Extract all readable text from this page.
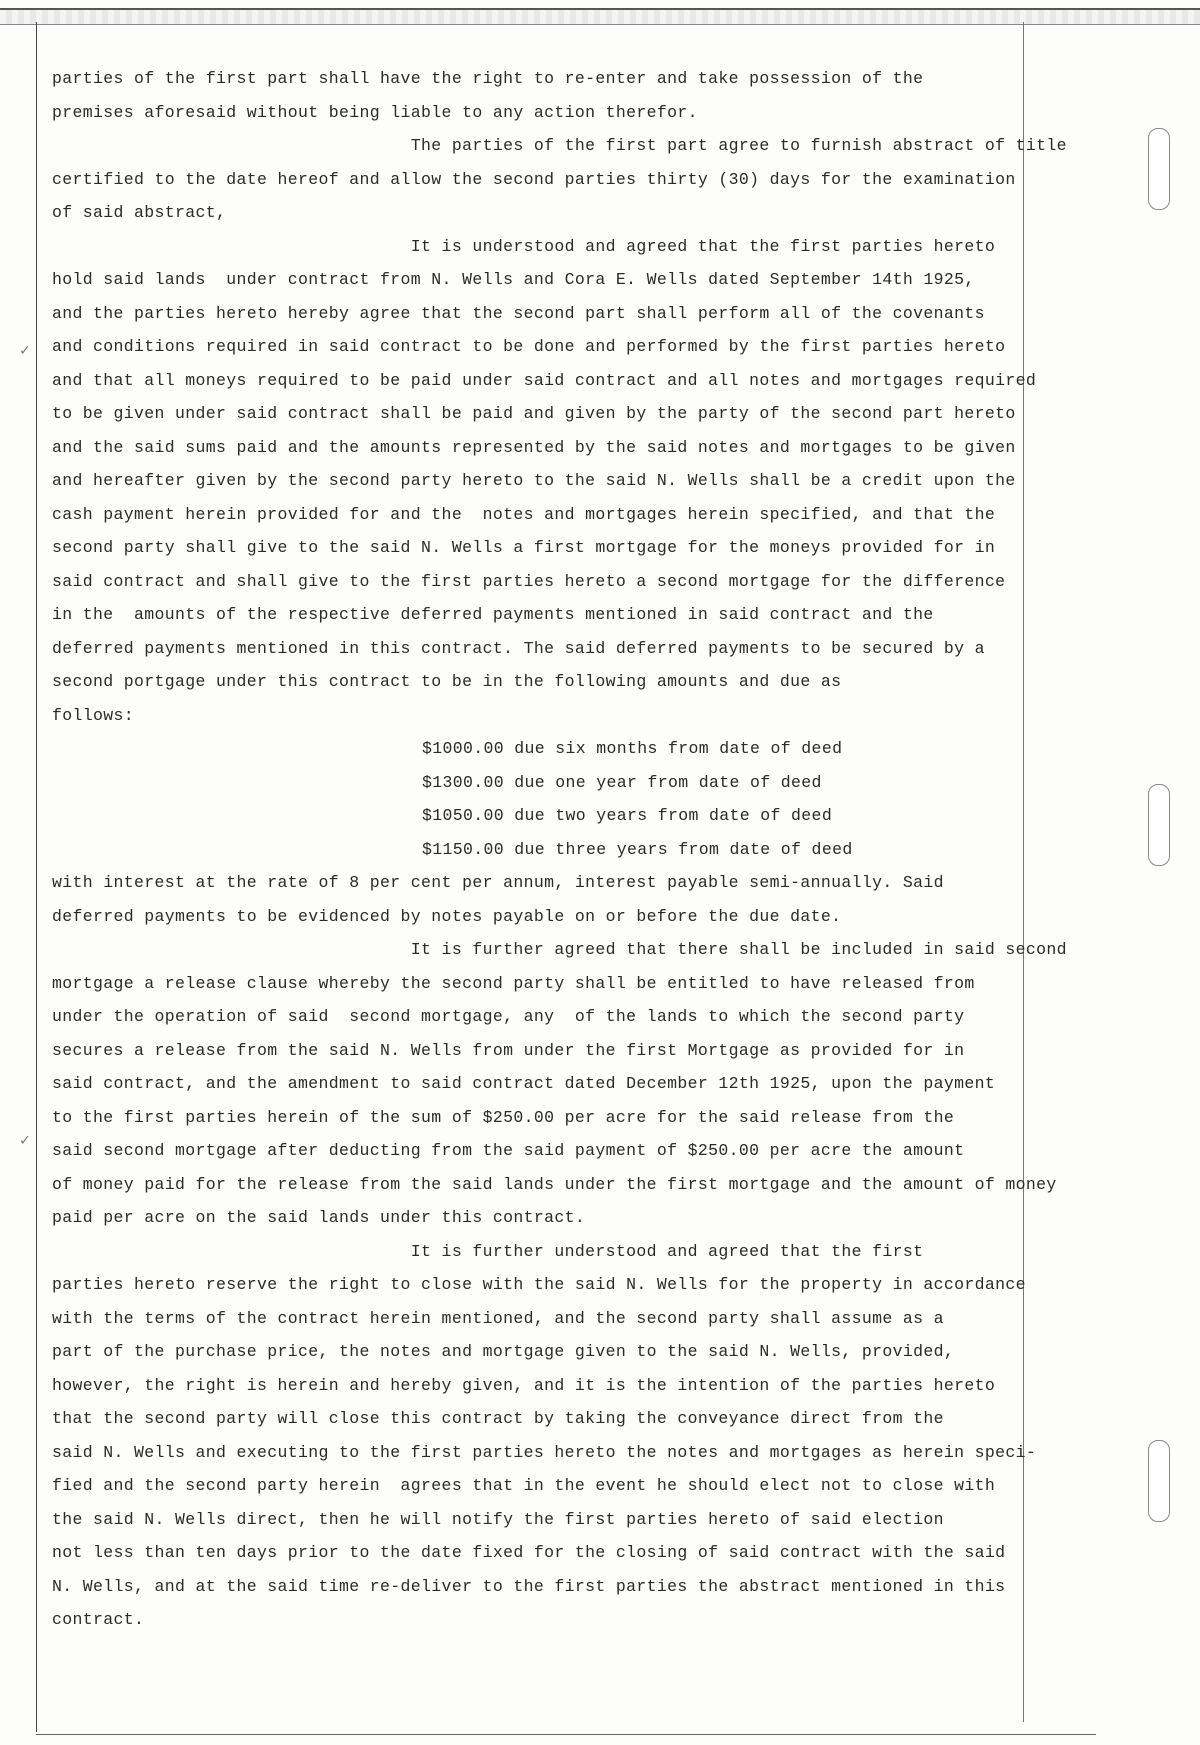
✓
✓
parties of the first part shall have the right to re-enter and take possession of the
premises aforesaid without being liable to any action therefor.
The parties of the first part agree to furnish abstract of title
certified to the date hereof and allow the second parties thirty (30) days for the examination
of said abstract,
It is understood and agreed that the first parties hereto
hold said lands  under contract from N. Wells and Cora E. Wells dated September 14th 1925,
and the parties hereto hereby agree that the second part shall perform all of the covenants
and conditions required in said contract to be done and performed by the first parties hereto
and that all moneys required to be paid under said contract and all notes and mortgages required
to be given under said contract shall be paid and given by the party of the second part hereto
and the said sums paid and the amounts represented by the said notes and mortgages to be given
and hereafter given by the second party hereto to the said N. Wells shall be a credit upon the
cash payment herein provided for and the  notes and mortgages herein specified, and that the
second party shall give to the said N. Wells a first mortgage for the moneys provided for in
said contract and shall give to the first parties hereto a second mortgage for the difference
in the  amounts of the respective deferred payments mentioned in said contract and the
deferred payments mentioned in this contract. The said deferred payments to be secured by a
second portgage under this contract to be in the following amounts and due as
follows:
$1000.00 due six months from date of deed
$1300.00 due one year from date of deed
$1050.00 due two years from date of deed
$1150.00 due three years from date of deed
with interest at the rate of 8 per cent per annum, interest payable semi-annually. Said
deferred payments to be evidenced by notes payable on or before the due date.
It is further agreed that there shall be included in said second
mortgage a release clause whereby the second party shall be entitled to have released from
under the operation of said  second mortgage, any  of the lands to which the second party
secures a release from the said N. Wells from under the first Mortgage as provided for in
said contract, and the amendment to said contract dated December 12th 1925, upon the payment
to the first parties herein of the sum of $250.00 per acre for the said release from the
said second mortgage after deducting from the said payment of $250.00 per acre the amount
of money paid for the release from the said lands under the first mortgage and the amount of money
paid per acre on the said lands under this contract.
It is further understood and agreed that the first
parties hereto reserve the right to close with the said N. Wells for the property in accordance
with the terms of the contract herein mentioned, and the second party shall assume as a
part of the purchase price, the notes and mortgage given to the said N. Wells, provided,
however, the right is herein and hereby given, and it is the intention of the parties hereto
that the second party will close this contract by taking the conveyance direct from the
said N. Wells and executing to the first parties hereto the notes and mortgages as herein speci-
fied and the second party herein  agrees that in the event he should elect not to close with
the said N. Wells direct, then he will notify the first parties hereto of said election
not less than ten days prior to the date fixed for the closing of said contract with the said
N. Wells, and at the said time re-deliver to the first parties the abstract mentioned in this
contract.
